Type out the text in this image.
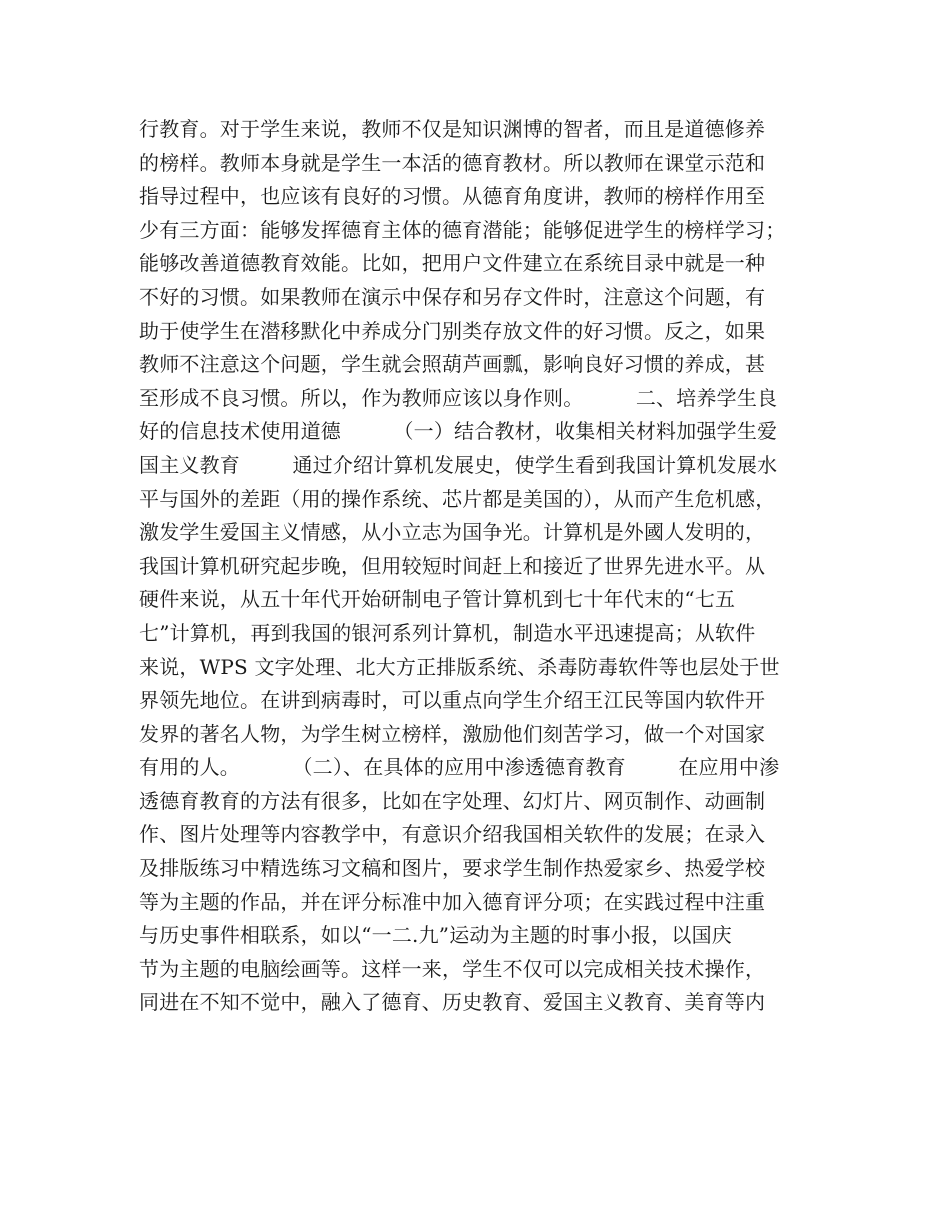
行教育。对于学生来说，教师不仅是知识渊博的智者，而且是道德修养
的榜样。教师本身就是学生一本活的德育教材。所以教师在课堂示范和
指导过程中，也应该有良好的习惯。从德育角度讲，教师的榜样作用至
少有三方面：能够发挥德育主体的德育潜能；能够促进学生的榜样学习；
能够改善道德教育效能。比如，把用户文件建立在系统目录中就是一种
不好的习惯。如果教师在演示中保存和另存文件时，注意这个问题，有
助于使学生在潜移默化中养成分门别类存放文件的好习惯。反之，如果
教师不注意这个问题，学生就会照葫芦画瓢，影响良好习惯的养成，甚
至形成不良习惯。所以，作为教师应该以身作则。        二、培养学生良
好的信息技术使用道德        （一）结合教材，收集相关材料加强学生爱
国主义教育        通过介绍计算机发展史，使学生看到我国计算机发展水
平与国外的差距（用的操作系统、芯片都是美国的），从而产生危机感，
激发学生爱国主义情感，从小立志为国争光。计算机是外國人发明的，
我国计算机研究起步晚，但用较短时间赶上和接近了世界先进水平。从
硬件来说，从五十年代开始研制电子管计算机到七十年代末的“七五
七”计算机，再到我国的银河系列计算机，制造水平迅速提高；从软件
来说，WPS 文字处理、北大方正排版系统、杀毒防毒软件等也层处于世
界领先地位。在讲到病毒时，可以重点向学生介绍王江民等国内软件开
发界的著名人物，为学生树立榜样，激励他们刻苦学习，做一个对国家
有用的人。        （二）、在具体的应用中渗透德育教育        在应用中渗
透德育教育的方法有很多，比如在字处理、幻灯片、网页制作、动画制
作、图片处理等内容教学中，有意识介绍我国相关软件的发展；在录入
及排版练习中精选练习文稿和图片，要求学生制作热爱家乡、热爱学校
等为主题的作品，并在评分标准中加入德育评分项；在实践过程中注重
与历史事件相联系，如以“一二.九”运动为主题的时事小报，以国庆
节为主题的电脑绘画等。这样一来，学生不仅可以完成相关技术操作，
同进在不知不觉中，融入了德育、历史教育、爱国主义教育、美育等内
